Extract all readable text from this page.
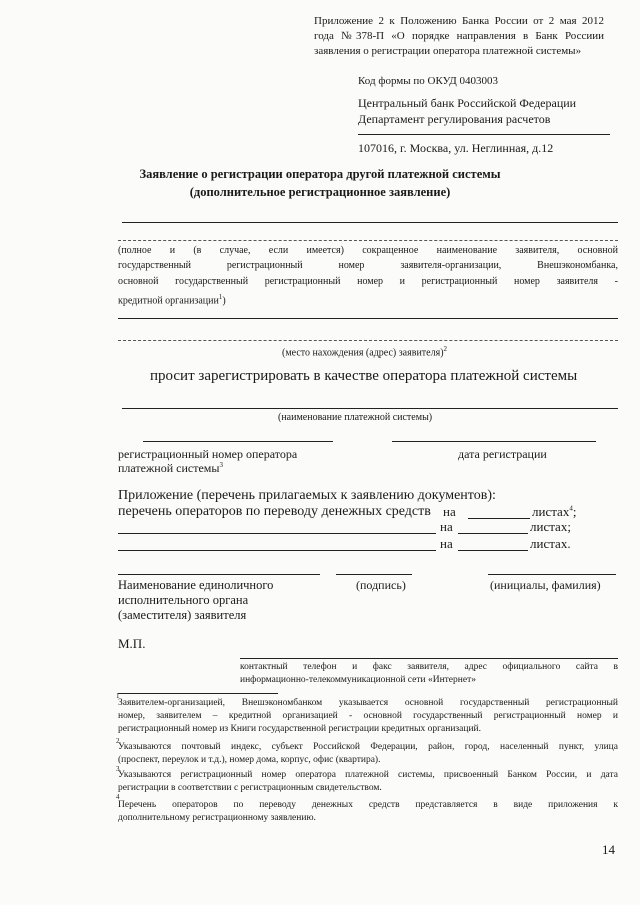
Приложение 2 к Положению Банка России от 2 мая 2012
года №378-П «О порядке направления в Банк Россиии
заявления о регистрации оператора платежной системы»
Код формы по ОКУД 0403003
Центральный банк Российской Федерации
Департамент регулирования расчетов
107016, г. Москва, ул. Неглинная, д.12
Заявление о регистрации оператора другой платежной системы
(дополнительное регистрационное заявление)
(полное и (в случае, если имеется) сокращенное наименование заявителя, основной
государственный регистрационный номер заявителя-организации, Внешэкономбанка,
основной государственный регистрационный номер и регистрационный номер заявителя -
кредитной организации$^1$)
(место нахождения (адрес) заявителя)$^2$
просит зарегистрировать в качестве оператора платежной системы
(наименование платежной системы)
регистрационный номер оператора
платежной системы$^3$
дата регистрации
Приложение (перечень прилагаемых к заявлению документов):
перечень операторов по переводу денежных средств на	листах$^4$;
на	листах;
на	листах.
Наименование единоличного
исполнительного органа
(заместителя) заявителя
(подпись)	(инициалы, фамилия)
М.П.
контактный телефон и факс заявителя, адрес официального сайта в
информационно-телекоммуникационной сети «Интернет»
1
Заявителем-организацией, Внешэкономбанком указывается основной государственный регистрационный
номер, заявителем – кредитной организацией - основной государственный регистрационный номер и
регистрационный номер из Книги государственной регистрации кредитных организаций.
2
Указываются почтовый индекс, субъект Российской Федерации, район, город, населенный пункт, улица
(проспект, переулок и т.д.), номер дома, корпус, офис (квартира).
3
Указываются регистрационный номер оператора платежной системы, присвоенный Банком России, и дата
регистрации в соответствии с регистрационным свидетельством.
4
Перечень операторов по переводу денежных средств представляется в виде приложения к
дополнительному регистрационному заявлению.
14
